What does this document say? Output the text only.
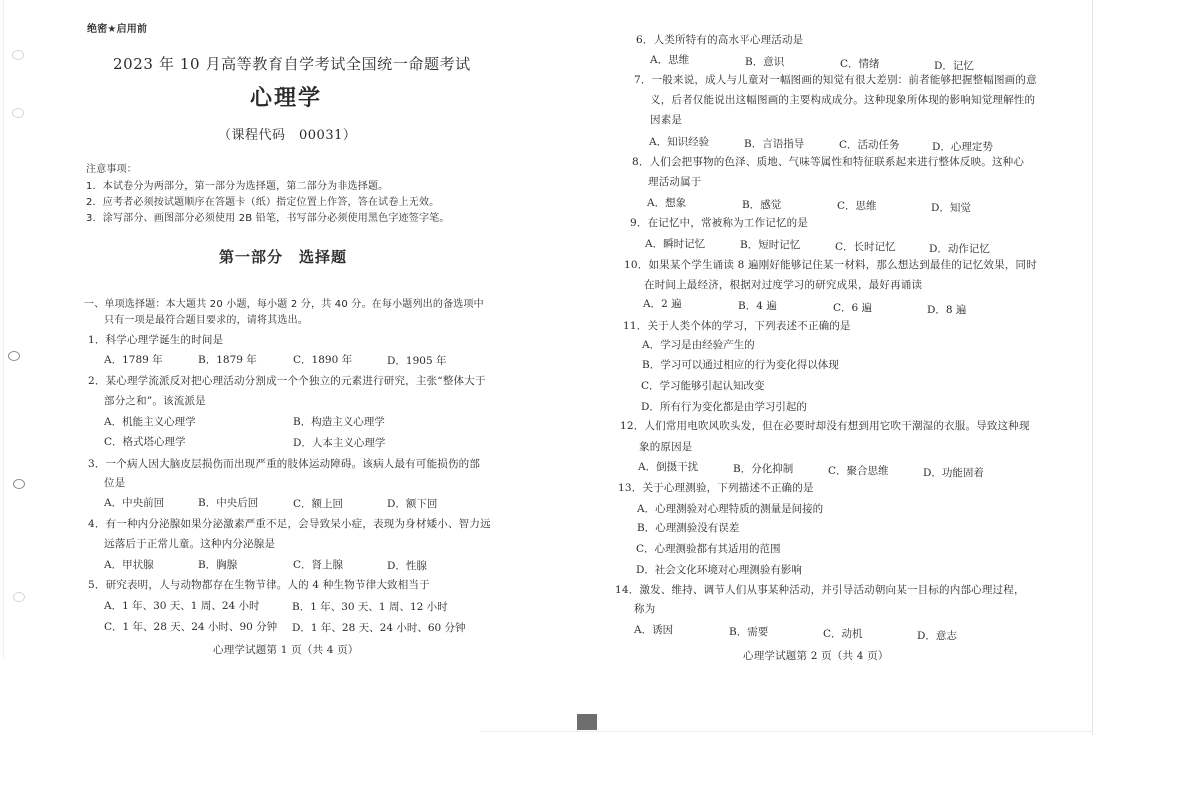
绝密★启用前
2023 年 10 月高等教育自学考试全国统一命题考试
心理学
（课程代码　00031）
注意事项：
1．本试卷分为两部分，第一部分为选择题，第二部分为非选择题。
2．应考者必须按试题顺序在答题卡（纸）指定位置上作答，答在试卷上无效。
3．涂写部分、画图部分必须使用 2B 铅笔，书写部分必须使用黑色字迹签字笔。
第一部分　选择题
一、单项选择题：本大题共 20 小题，每小题 2 分，共 40 分。在每小题列出的备选项中
只有一项是最符合题目要求的，请将其选出。
1．科学心理学诞生的时间是
A．1789 年	B．1879 年	C．1890 年	D．1905 年
2．某心理学流派反对把心理活动分割成一个个独立的元素进行研究，主张“整体大于
部分之和”。该流派是
A．机能主义心理学	B．构造主义心理学
C．格式塔心理学	D．人本主义心理学
3．一个病人因大脑皮层损伤而出现严重的肢体运动障碍。该病人最有可能损伤的部
位是
A．中央前回	B．中央后回	C．额上回	D．额下回
4．有一种内分泌腺如果分泌激素严重不足，会导致呆小症，表现为身材矮小、智力远
远落后于正常儿童。这种内分泌腺是
A．甲状腺	B．胸腺	C．肾上腺	D．性腺
5．研究表明，人与动物都存在生物节律。人的 4 种生物节律大致相当于
A．1 年、30 天、1 周、24 小时	B．1 年、30 天、1 周、12 小时
C．1 年、28 天、24 小时、90 分钟 D．1 年、28 天、24 小时、60 分钟
心理学试题第 1 页（共 4 页）
6．人类所特有的高水平心理活动是
A．思维	B．意识	C．情绪	D．记忆
7．一般来说，成人与儿童对一幅图画的知觉有很大差别：前者能够把握整幅图画的意
义，后者仅能说出这幅图画的主要构成成分。这种现象所体现的影响知觉理解性的
因素是
A．知识经验	B．言语指导	C．活动任务	D．心理定势
8．人们会把事物的色泽、质地、气味等属性和特征联系起来进行整体反映。这种心
理活动属于
A．想象	B．感觉	C．思维	D．知觉
9．在记忆中，常被称为工作记忆的是
A．瞬时记忆	B．短时记忆	C．长时记忆	D．动作记忆
10．如果某个学生诵读 8 遍刚好能够记住某一材料，那么想达到最佳的记忆效果，同时
在时间上最经济，根据对过度学习的研究成果，最好再诵读
A．2 遍	B．4 遍	C．6 遍	D．8 遍
11．关于人类个体的学习，下列表述不正确的是
A．学习是由经验产生的
B．学习可以通过相应的行为变化得以体现
C．学习能够引起认知改变
D．所有行为变化都是由学习引起的
12．人们常用电吹风吹头发，但在必要时却没有想到用它吹干潮湿的衣服。导致这种现
象的原因是
A．倒摄干扰	B．分化抑制	C．聚合思维	D．功能固着
13．关于心理测验，下列描述不正确的是
A．心理测验对心理特质的测量是间接的
B．心理测验没有误差
C．心理测验都有其适用的范围
D．社会文化环境对心理测验有影响
14．激发、维持、调节人们从事某种活动，并引导活动朝向某一目标的内部心理过程，
称为
A．诱因	B．需要	C．动机	D．意志
心理学试题第 2 页（共 4 页）
